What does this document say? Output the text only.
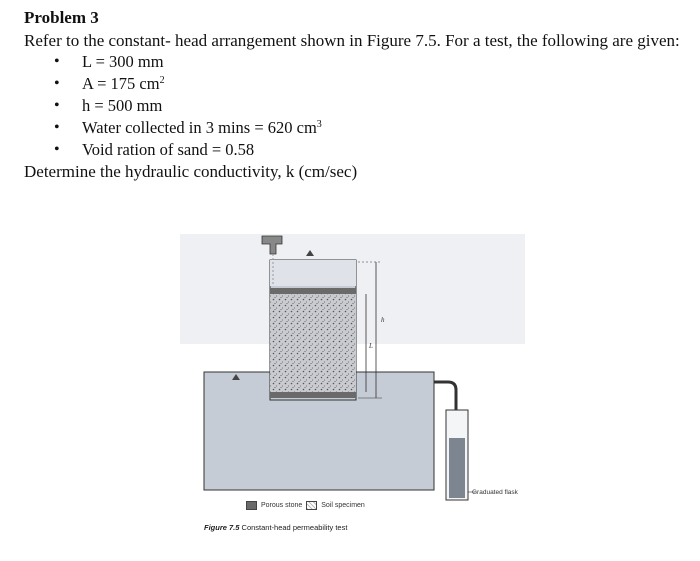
Problem 3

Refer to the constant- head arrangement shown in Figure 7.5. For a test, the following are given:

• L = 300 mm
• A = 175 $cm^2$
• h = 500 mm
• Water collected in 3 mins = 620 $cm^3$
• Void ration of sand = 0.58

Determine the hydraulic conductivity, k (cm/sec)

h
L
Graduated flask
Porous stone	Soil specimen
Figure 7.5 Constant-head permeability test
